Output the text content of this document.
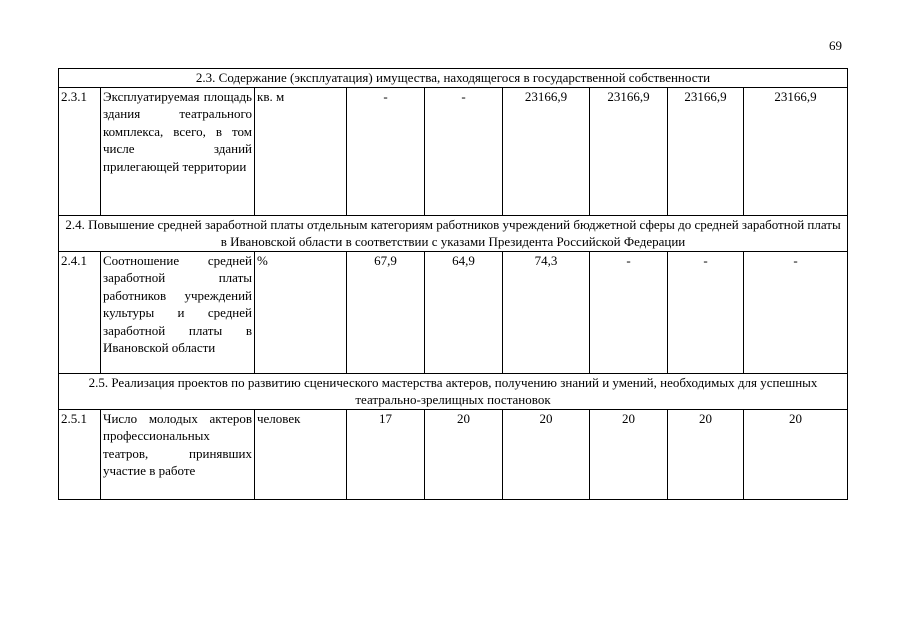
69
2.3. Содержание (эксплуатация) имущества, находящегося в государственной собственности								
2.3.1	Эксплуатируемая площадь здания театрального комплекса, всего, в том числе зданий прилегающей территории	кв. м	-	-	23166,9	23166,9	23166,9	23166,9
2.4. Повышение средней заработной платы отдельным категориям работников учреждений бюджетной сферы до средней заработной платы в Ивановской области в соответствии с указами Президента Российской Федерации								
2.4.1	Соотношение средней заработной платы работников учреждений культуры и средней заработной платы в Ивановской области	%	67,9	64,9	74,3	-	-	-
2.5. Реализация проектов по развитию сценического мастерства актеров, получению знаний и умений, необходимых для успешных театрально-зрелищных постановок								
2.5.1	Число молодых актеров профессиональных театров, принявших участие в работе	человек	17	20	20	20	20	20
